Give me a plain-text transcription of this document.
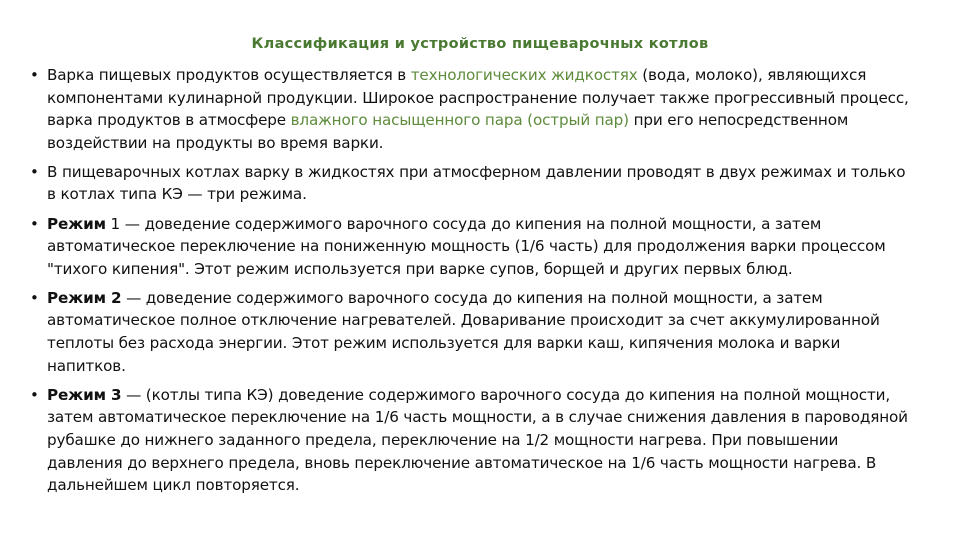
Классификация и устройство пищеварочных котлов
• Варка пищевых продуктов осуществляется в технологических жидкостях (вода, молоко), являющихся компонентами кулинарной продукции. Широкое распространение получает также прогрессивный процесс, варка продуктов в атмосфере влажного насыщенного пара (острый пар) при его непосредственном воздействии на продукты во время варки.
• В пищеварочных котлах варку в жидкостях при атмосферном давлении проводят в двух режимах и только в котлах типа КЭ — три режима.
• Режим 1 — доведение содержимого варочного сосуда до кипения на полной мощности, а затем автоматическое переключение на пониженную мощность (1/6 часть) для продолжения варки процессом "тихого кипения". Этот режим используется при варке супов, борщей и других первых блюд.
• Режим 2 — доведение содержимого варочного сосуда до кипения на полной мощности, а затем автоматическое полное отключение нагревателей. Доваривание происходит за счет аккумулированной теплоты без расхода энергии. Этот режим используется для варки каш, кипячения молока и варки напитков.
• Режим 3 — (котлы типа КЭ) доведение содержимого варочного сосуда до кипения на полной мощности, затем автоматическое переключение на 1/6 часть мощности, а в случае снижения давления в пароводяной рубашке до нижнего заданного предела, переключение на 1/2 мощности нагрева. При повышении давления до верхнего предела, вновь переключение автоматическое на 1/6 часть мощности нагрева. В дальнейшем цикл повторяется.
